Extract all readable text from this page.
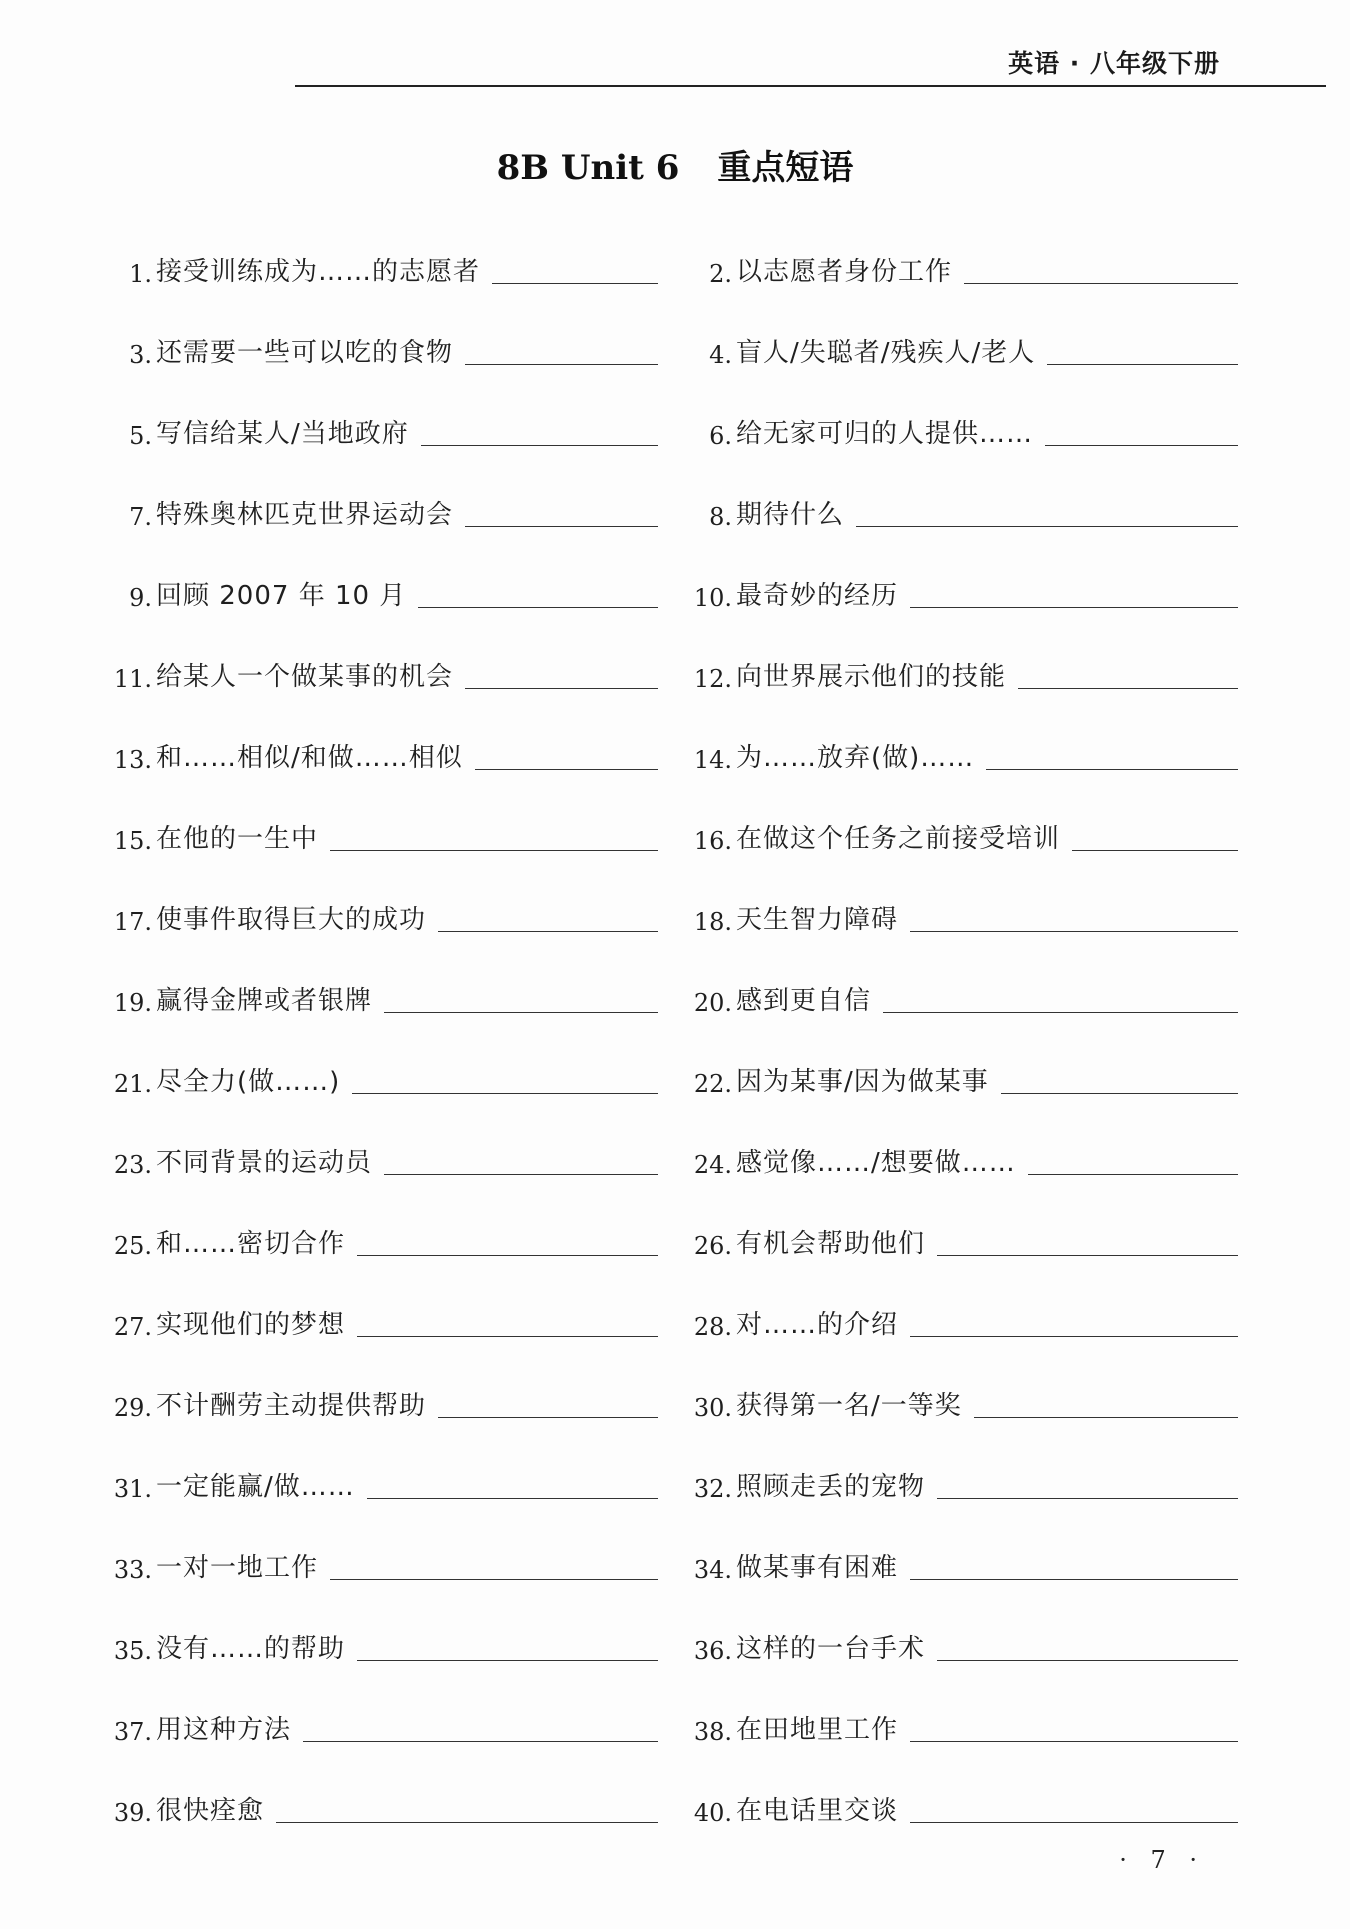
英语 · 八年级下册
8B Unit 6 重点短语
1. 接受训练成为……的志愿者	2. 以志愿者身份工作
3. 还需要一些可以吃的食物	4. 盲人/失聪者/残疾人/老人
5. 写信给某人/当地政府	6. 给无家可归的人提供……
7. 特殊奥林匹克世界运动会	8. 期待什么
9. 回顾 2007 年 10 月	10. 最奇妙的经历
11. 给某人一个做某事的机会	12. 向世界展示他们的技能
13. 和……相似/和做……相似	14. 为……放弃(做)……
15. 在他的一生中	16. 在做这个任务之前接受培训
17. 使事件取得巨大的成功	18. 天生智力障碍
19. 赢得金牌或者银牌	20. 感到更自信
21. 尽全力(做……)	22. 因为某事/因为做某事
23. 不同背景的运动员	24. 感觉像……/想要做……
25. 和……密切合作	26. 有机会帮助他们
27. 实现他们的梦想	28. 对……的介绍
29. 不计酬劳主动提供帮助	30. 获得第一名/一等奖
31. 一定能赢/做……	32. 照顾走丢的宠物
33. 一对一地工作	34. 做某事有困难
35. 没有……的帮助	36. 这样的一台手术
37. 用这种方法	38. 在田地里工作
39. 很快痊愈	40. 在电话里交谈
· 7 ·
